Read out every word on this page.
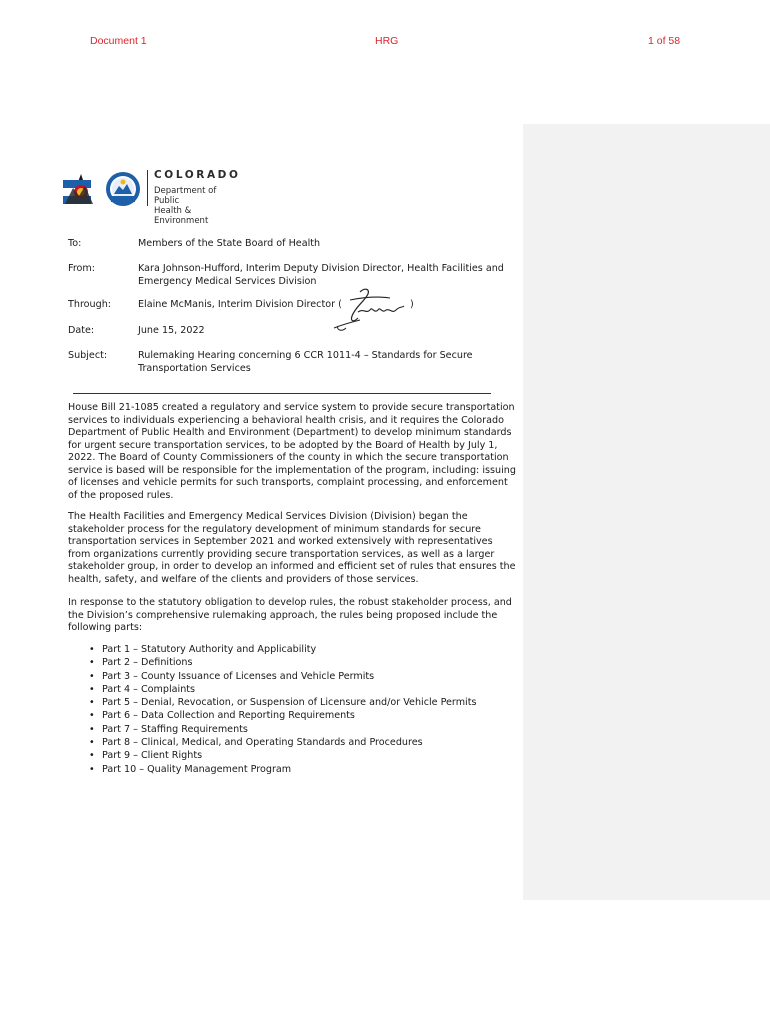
Document 1	HRG	1 of 58
COLORADO
Department of Public
Health & Environment
To:	Members of the State Board of Health
From:	Kara Johnson-Hufford, Interim Deputy Division Director, Health Facilities and Emergency Medical Services Division
Through:	Elaine McManis, Interim Division Director (	)
Date:	June 15, 2022
Subject:	Rulemaking Hearing concerning 6 CCR 1011-4 – Standards for Secure Transportation Services
House Bill 21-1085 created a regulatory and service system to provide secure transportation services to individuals experiencing a behavioral health crisis, and it requires the Colorado Department of Public Health and Environment (Department) to develop minimum standards for urgent secure transportation services, to be adopted by the Board of Health by July 1, 2022. The Board of County Commissioners of the county in which the secure transportation service is based will be responsible for the implementation of the program, including: issuing of licenses and vehicle permits for such transports, complaint processing, and enforcement of the proposed rules.
The Health Facilities and Emergency Medical Services Division (Division) began the stakeholder process for the regulatory development of minimum standards for secure transportation services in September 2021 and worked extensively with representatives from organizations currently providing secure transportation services, as well as a larger stakeholder group, in order to develop an informed and efficient set of rules that ensures the health, safety, and welfare of the clients and providers of those services.
In response to the statutory obligation to develop rules, the robust stakeholder process, and the Division’s comprehensive rulemaking approach, the rules being proposed include the following parts:
• Part 1 – Statutory Authority and Applicability
• Part 2 – Definitions
• Part 3 – County Issuance of Licenses and Vehicle Permits
• Part 4 – Complaints
• Part 5 – Denial, Revocation, or Suspension of Licensure and/or Vehicle Permits
• Part 6 – Data Collection and Reporting Requirements
• Part 7 – Staffing Requirements
• Part 8 – Clinical, Medical, and Operating Standards and Procedures
• Part 9 – Client Rights
• Part 10 – Quality Management Program
